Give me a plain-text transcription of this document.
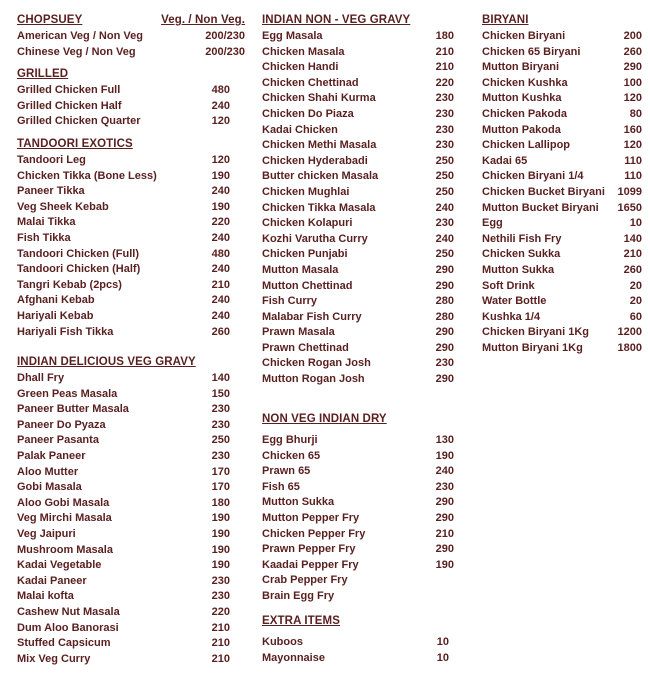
CHOPSUEY	Veg. / Non Veg.
American Veg / Non Veg	200/230
Chinese Veg / Non Veg	200/230
GRILLED
Grilled Chicken Full	480
Grilled Chicken Half	240
Grilled Chicken Quarter	120
TANDOORI EXOTICS
Tandoori Leg	120
Chicken Tikka (Bone Less)	190
Paneer Tikka	240
Veg Sheek Kebab	190
Malai Tikka	220
Fish Tikka	240
Tandoori Chicken (Full)	480
Tandoori Chicken (Half)	240
Tangri Kebab (2pcs)	210
Afghani Kebab	240
Hariyali Kebab	240
Hariyali Fish Tikka	260
INDIAN DELICIOUS VEG GRAVY
Dhall Fry	140
Green Peas Masala	150
Paneer Butter Masala	230
Paneer Do Pyaza	230
Paneer Pasanta	250
Palak Paneer	230
Aloo Mutter	170
Gobi Masala	170
Aloo Gobi Masala	180
Veg Mirchi Masala	190
Veg Jaipuri	190
Mushroom Masala	190
Kadai Vegetable	190
Kadai Paneer	230
Malai kofta	230
Cashew Nut Masala	220
Dum Aloo Banorasi	210
Stuffed Capsicum	210
Mix Veg Curry	210
INDIAN NON - VEG GRAVY
Egg Masala	180
Chicken Masala	210
Chicken Handi	210
Chicken Chettinad	220
Chicken Shahi Kurma	230
Chicken Do Piaza	230
Kadai Chicken	230
Chicken Methi Masala	230
Chicken Hyderabadi	250
Butter chicken Masala	250
Chicken Mughlai	250
Chicken Tikka Masala	240
Chicken Kolapuri	230
Kozhi Varutha Curry	240
Chicken Punjabi	250
Mutton Masala	290
Mutton Chettinad	290
Fish Curry	280
Malabar Fish Curry	280
Prawn Masala	290
Prawn Chettinad	290
Chicken Rogan Josh	230
Mutton Rogan Josh	290
NON VEG INDIAN DRY
Egg Bhurji	130
Chicken 65	190
Prawn 65	240
Fish 65	230
Mutton Sukka	290
Mutton Pepper Fry	290
Chicken Pepper Fry	210
Prawn Pepper Fry	290
Kaadai Pepper Fry	190
Crab Pepper Fry
Brain Egg Fry
EXTRA ITEMS
Kuboos	10
Mayonnaise	10
BIRYANI
Chicken Biryani	200
Chicken 65 Biryani	260
Mutton Biryani	290
Chicken Kushka	100
Mutton Kushka	120
Chicken Pakoda	80
Mutton Pakoda	160
Chicken Lallipop	120
Kadai 65	110
Chicken Biryani 1/4	110
Chicken Bucket Biryani 1099
Mutton Bucket Biryani 1650
Egg	10
Nethili Fish Fry	140
Chicken Sukka	210
Mutton Sukka	260
Soft Drink	20
Water Bottle	20
Kushka 1/4	60
Chicken Biryani 1Kg	1200
Mutton Biryani 1Kg	1800
